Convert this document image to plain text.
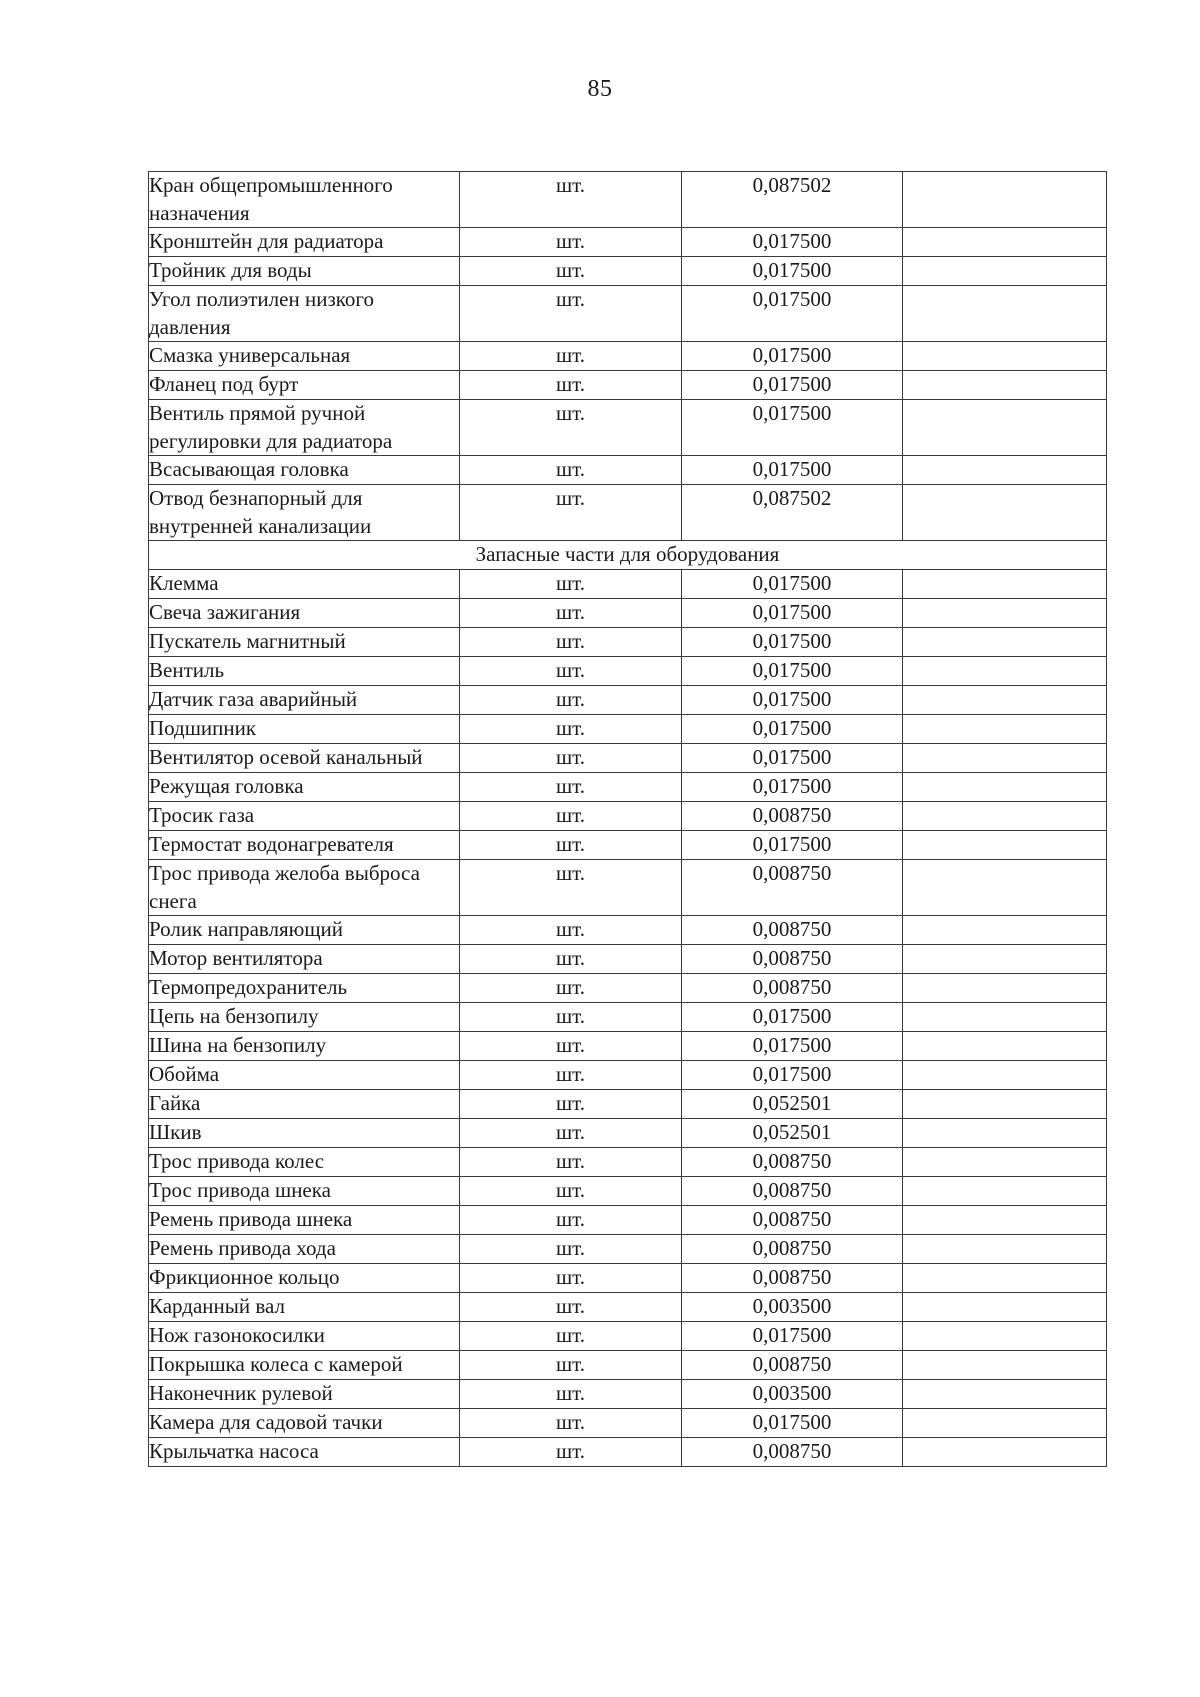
85
Кран общепромышленного назначения	шт.	0,087502	
Кронштейн для радиатора	шт.	0,017500	
Тройник для воды	шт.	0,017500	
Угол полиэтилен низкого давления	шт.	0,017500	
Смазка универсальная	шт.	0,017500	
Фланец под бурт	шт.	0,017500	
Вентиль прямой ручной регулировки для радиатора	шт.	0,017500	
Всасывающая головка	шт.	0,017500	
Отвод безнапорный для внутренней канализации	шт.	0,087502	
Запасные части для оборудования			
Клемма	шт.	0,017500	
Свеча зажигания	шт.	0,017500	
Пускатель магнитный	шт.	0,017500	
Вентиль	шт.	0,017500	
Датчик газа аварийный	шт.	0,017500	
Подшипник	шт.	0,017500	
Вентилятор осевой канальный	шт.	0,017500	
Режущая головка	шт.	0,017500	
Тросик газа	шт.	0,008750	
Термостат водонагревателя	шт.	0,017500	
Трос привода желоба выброса снега	шт.	0,008750	
Ролик направляющий	шт.	0,008750	
Мотор вентилятора	шт.	0,008750	
Термопредохранитель	шт.	0,008750	
Цепь на бензопилу	шт.	0,017500	
Шина на бензопилу	шт.	0,017500	
Обойма	шт.	0,017500	
Гайка	шт.	0,052501	
Шкив	шт.	0,052501	
Трос привода колес	шт.	0,008750	
Трос привода шнека	шт.	0,008750	
Ремень привода шнека	шт.	0,008750	
Ремень привода хода	шт.	0,008750	
Фрикционное кольцо	шт.	0,008750	
Карданный вал	шт.	0,003500	
Нож газонокосилки	шт.	0,017500	
Покрышка колеса с камерой	шт.	0,008750	
Наконечник рулевой	шт.	0,003500	
Камера для садовой тачки	шт.	0,017500	
Крыльчатка насоса	шт.	0,008750	
